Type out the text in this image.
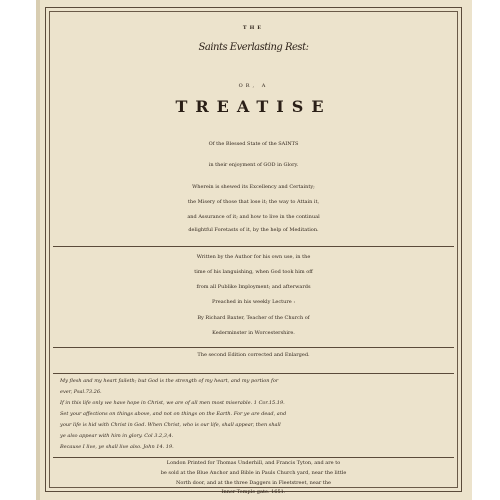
THE
Saints Everlasting Rest:
OR, A
TREATISE
Of the Blessed State of the SAINTS
in their enjoyment of GOD in Glory.
Wherein is shewed its Excellency and Certainty;
the Misery of those that lose it; the way to Attain it,
and Assurance of it; and how to live in the continual
delightful Foretasts of it, by the help of Meditation.
Written by the Author for his own use, in the
time of his languishing, when God took him off
from all Publike Imployment; and afterwards
Preached in his weekly Lecture :
By Richard Baxter, Teacher of the Church of
Kederminster in Worcestershire.
The second Edition corrected and Enlarged.
My flesh and my heart faileth; but God is the strength of my heart, and my portion for
ever, Psal.73.26.
If in this life only we have hope in Christ, we are of all men most miserable. 1 Cor.15.19.
Set your affections on things above, and not on things on the Earth. For ye are dead, and
your life is hid with Christ in God. When Christ, who is our life, shall appear, then shall
ye also appear with him in glory. Col 3.2,3,4.
Because I live, ye shall live also. John 14. 19.
London Printed for Thomas Underhill, and Francis Tyton, and are to
be sold at the Blue Anchor and Bible in Pauls Church yard, near the little
North door, and at the three Daggers in Fleetstreet, near the
Inner-Temple gate. 1651.
